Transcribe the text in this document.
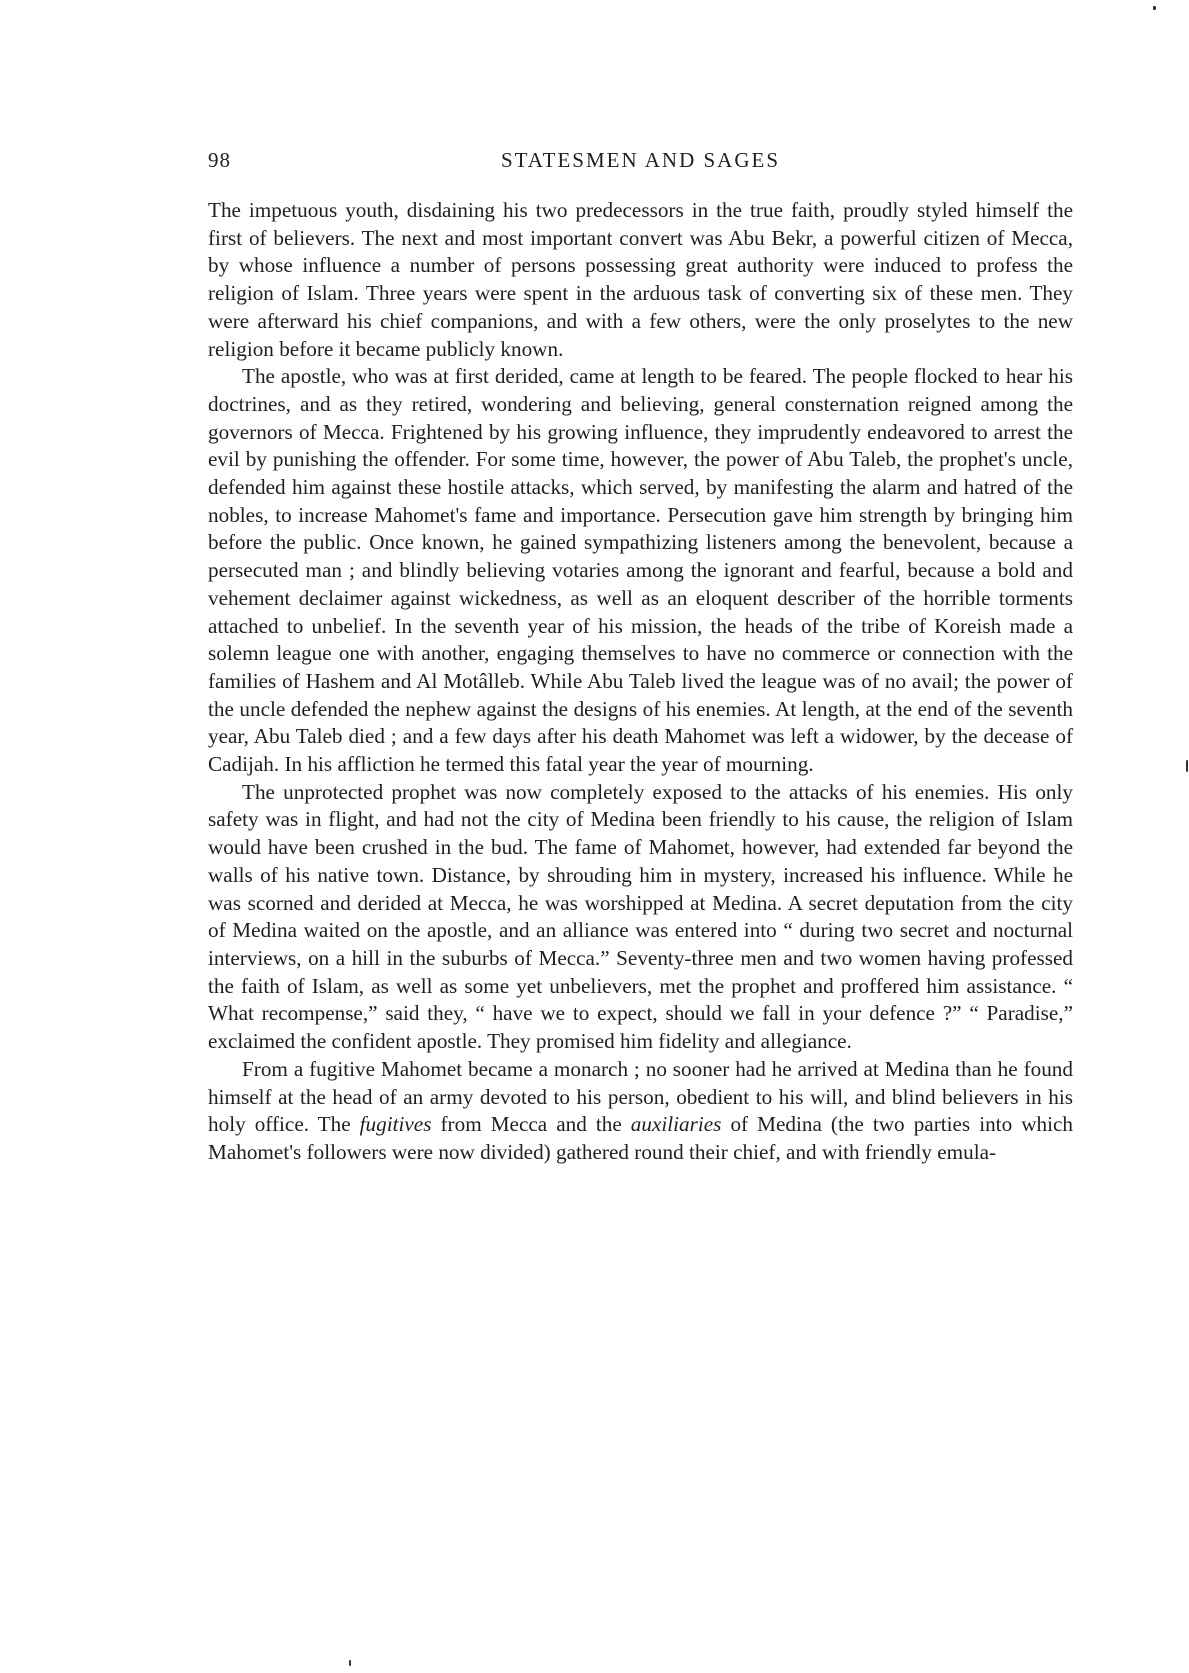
98	STATESMEN AND SAGES

The impetuous youth, disdaining his two predecessors in the true faith, proudly styled himself the first of believers. The next and most important convert was Abu Bekr, a powerful citizen of Mecca, by whose influence a number of persons possessing great authority were induced to profess the religion of Islam. Three years were spent in the arduous task of converting six of these men. They were afterward his chief companions, and with a few others, were the only proselytes to the new religion before it became publicly known.

The apostle, who was at first derided, came at length to be feared. The people flocked to hear his doctrines, and as they retired, wondering and believing, general consternation reigned among the governors of Mecca. Frightened by his growing influence, they imprudently endeavored to arrest the evil by punishing the offender. For some time, however, the power of Abu Taleb, the prophet's uncle, defended him against these hostile attacks, which served, by manifesting the alarm and hatred of the nobles, to increase Mahomet's fame and importance. Persecution gave him strength by bringing him before the public. Once known, he gained sympathizing listeners among the benevolent, because a persecuted man ; and blindly believing votaries among the ignorant and fearful, because a bold and vehement declaimer against wickedness, as well as an eloquent describer of the horrible torments attached to unbelief. In the seventh year of his mission, the heads of the tribe of Koreish made a solemn league one with another, engaging themselves to have no commerce or connection with the families of Hashem and Al Motâlleb. While Abu Taleb lived the league was of no avail; the power of the uncle defended the nephew against the designs of his enemies. At length, at the end of the seventh year, Abu Taleb died ; and a few days after his death Mahomet was left a widower, by the decease of Cadijah. In his affliction he termed this fatal year the year of mourning.

The unprotected prophet was now completely exposed to the attacks of his enemies. His only safety was in flight, and had not the city of Medina been friendly to his cause, the religion of Islam would have been crushed in the bud. The fame of Mahomet, however, had extended far beyond the walls of his native town. Distance, by shrouding him in mystery, increased his influence. While he was scorned and derided at Mecca, he was worshipped at Medina. A secret deputation from the city of Medina waited on the apostle, and an alliance was entered into “ during two secret and nocturnal interviews, on a hill in the suburbs of Mecca.” Seventy-three men and two women having professed the faith of Islam, as well as some yet unbelievers, met the prophet and proffered him assistance. “ What recompense,” said they, “ have we to expect, should we fall in your defence ?” “ Paradise,” exclaimed the confident apostle. They promised him fidelity and allegiance.

From a fugitive Mahomet became a monarch ; no sooner had he arrived at Medina than he found himself at the head of an army devoted to his person, obedient to his will, and blind believers in his holy office. The fugitives from Mecca and the auxiliaries of Medina (the two parties into which Mahomet's followers were now divided) gathered round their chief, and with friendly emula-
